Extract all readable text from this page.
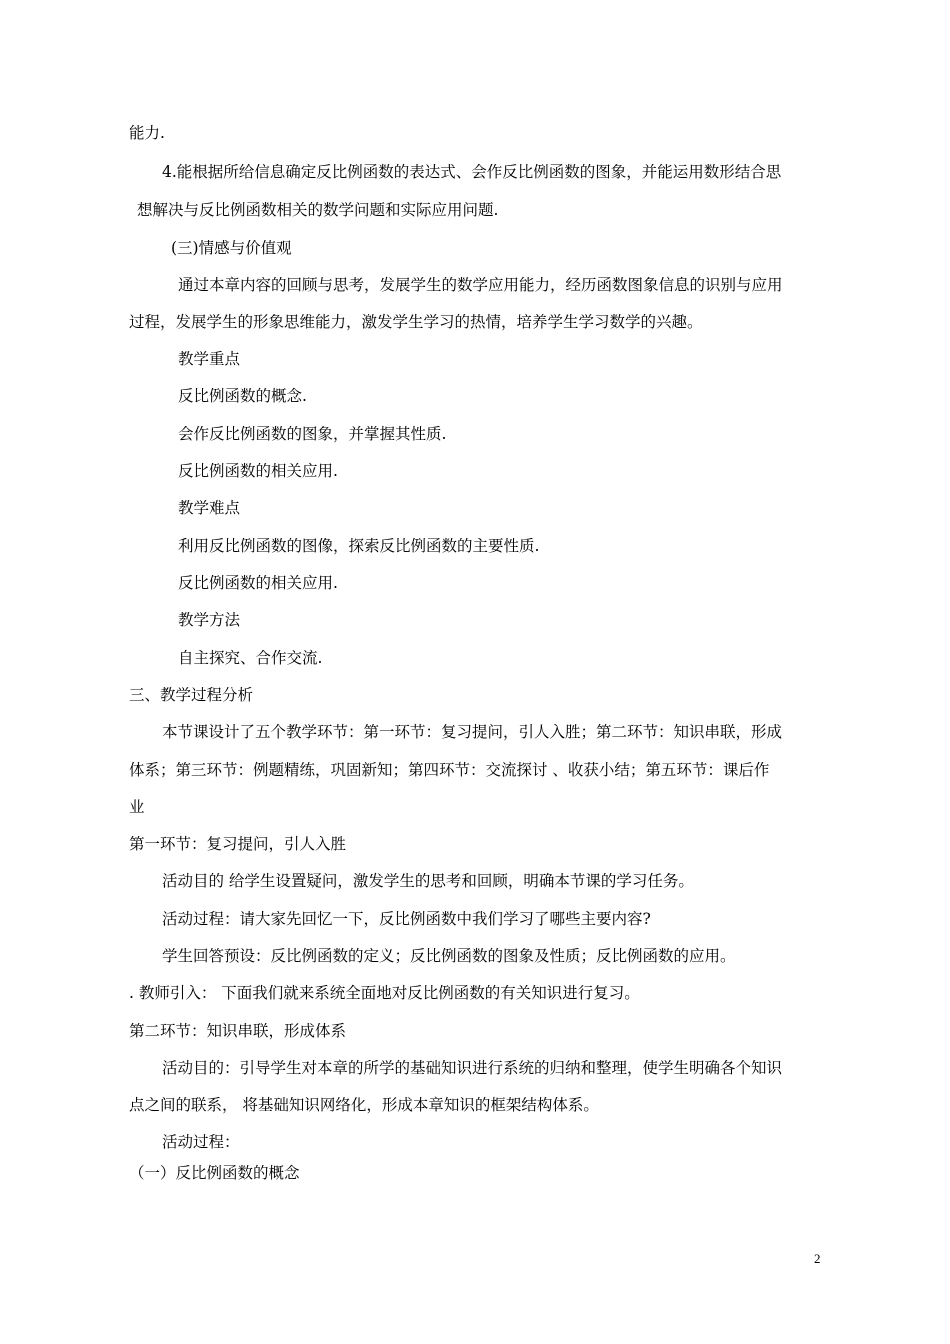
能力.
4.能根据所给信息确定反比例函数的表达式、会作反比例函数的图象，并能运用数形结合思
想解决与反比例函数相关的数学问题和实际应用问题.
(三)情感与价值观
通过本章内容的回顾与思考，发展学生的数学应用能力，经历函数图象信息的识别与应用
过程，发展学生的形象思维能力，激发学生学习的热情，培养学生学习数学的兴趣。
教学重点
反比例函数的概念.
会作反比例函数的图象，并掌握其性质.
反比例函数的相关应用.
教学难点
利用反比例函数的图像，探索反比例函数的主要性质.
反比例函数的相关应用.
教学方法
自主探究、合作交流.
三、教学过程分析
本节课设计了五个教学环节：第一环节：复习提问，引人入胜；第二环节：知识串联，形成
体系；第三环节：例题精练，巩固新知；第四环节：交流探讨 、收获小结；第五环节：课后作
业
第一环节：复习提问，引人入胜
活动目的 给学生设置疑问，激发学生的思考和回顾，明确本节课的学习任务。
活动过程：请大家先回忆一下，反比例函数中我们学习了哪些主要内容?
学生回答预设：反比例函数的定义；反比例函数的图象及性质；反比例函数的应用。
. 教师引入： 下面我们就来系统全面地对反比例函数的有关知识进行复习。
第二环节：知识串联，形成体系
活动目的：引导学生对本章的所学的基础知识进行系统的归纳和整理，使学生明确各个知识
点之间的联系， 将基础知识网络化，形成本章知识的框架结构体系。
活动过程：
（一）反比例函数的概念
2
